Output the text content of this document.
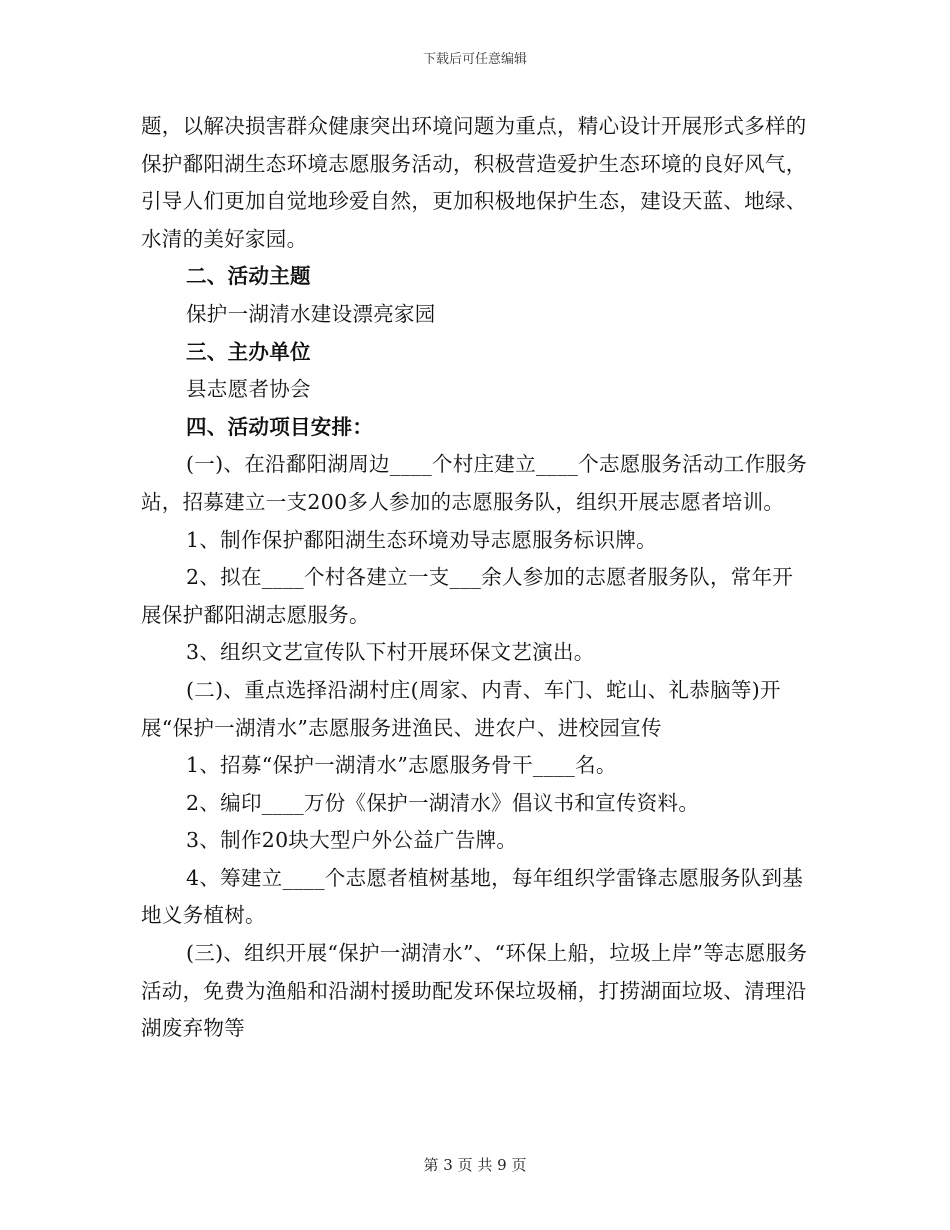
下载后可任意编辑

题，以解决损害群众健康突出环境问题为重点，精心设计开展形式多样的保护鄱阳湖生态环境志愿服务活动，积极营造爱护生态环境的良好风气，引导人们更加自觉地珍爱自然，更加积极地保护生态，建设天蓝、地绿、水清的美好家园。

二、活动主题

保护一湖清水建设漂亮家园

三、主办单位

县志愿者协会

四、活动项目安排：

(一)、在沿鄱阳湖周边____个村庄建立____个志愿服务活动工作服务站，招募建立一支200多人参加的志愿服务队，组织开展志愿者培训。

1、制作保护鄱阳湖生态环境劝导志愿服务标识牌。

2、拟在____个村各建立一支___余人参加的志愿者服务队，常年开展保护鄱阳湖志愿服务。

3、组织文艺宣传队下村开展环保文艺演出。

(二)、重点选择沿湖村庄(周家、内青、车门、蛇山、礼恭脑等)开展“保护一湖清水”志愿服务进渔民、进农户、进校园宣传

1、招募“保护一湖清水”志愿服务骨干____名。

2、编印____万份《保护一湖清水》倡议书和宣传资料。

3、制作20块大型户外公益广告牌。

4、筹建立____个志愿者植树基地，每年组织学雷锋志愿服务队到基地义务植树。

(三)、组织开展“保护一湖清水”、“环保上船，垃圾上岸”等志愿服务活动，免费为渔船和沿湖村援助配发环保垃圾桶，打捞湖面垃圾、清理沿湖废弃物等

第 3 页 共 9 页
